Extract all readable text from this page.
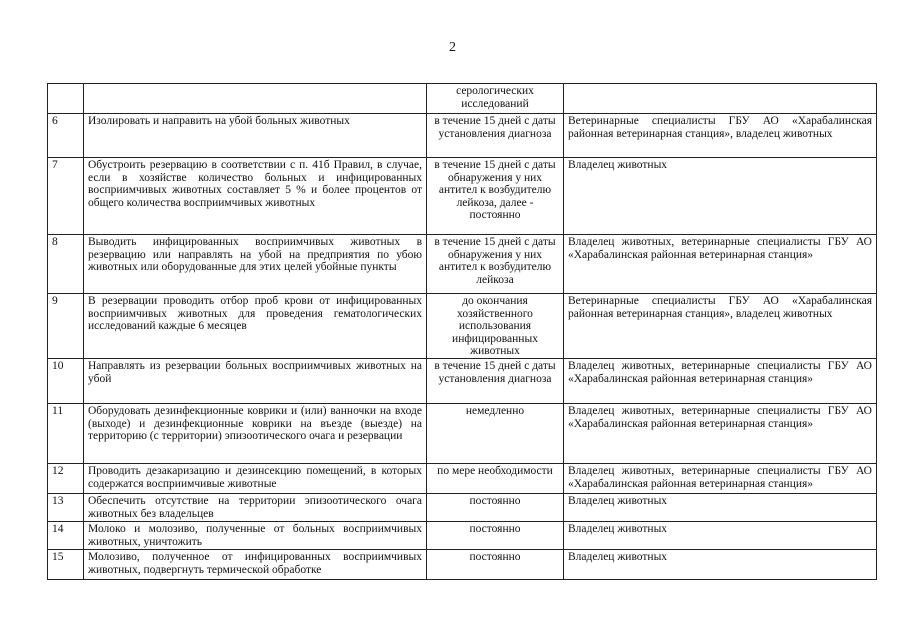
2
		серологических исследований	
6	Изолировать и направить на убой больных животных	в течение 15 дней с даты установления диагноза	Ветеринарные специалисты ГБУ АО «Харабалинская районная ветеринарная станция», владелец животных
7	Обустроить резервацию в соответствии с п. 41б Правил, в случае, если в хозяйстве количество больных и инфицированных восприимчивых животных составляет 5 % и более процентов от общего количества восприимчивых животных	в течение 15 дней с даты обнаружения у них антител к возбудителю лейкоза, далее - постоянно	Владелец животных
8	Выводить инфицированных восприимчивых животных в резервацию или направлять на убой на предприятия по убою животных или оборудованные для этих целей убойные пункты	в течение 15 дней с даты обнаружения у них антител к возбудителю лейкоза	Владелец животных, ветеринарные специалисты ГБУ АО «Харабалинская районная ветеринарная станция»
9	В резервации проводить отбор проб крови от инфицированных восприимчивых животных для проведения гематологических исследований каждые 6 месяцев	до окончания хозяйственного использования инфицированных животных	Ветеринарные специалисты ГБУ АО «Харабалинская районная ветеринарная станция», владелец животных
10	Направлять из резервации больных восприимчивых животных на убой	в течение 15 дней с даты установления диагноза	Владелец животных, ветеринарные специалисты ГБУ АО «Харабалинская районная ветеринарная станция»
11	Оборудовать дезинфекционные коврики и (или) ванночки на входе (выходе) и дезинфекционные коврики на въезде (выезде) на территорию (с территории) эпизоотического очага и резервации	немедленно	Владелец животных, ветеринарные специалисты ГБУ АО «Харабалинская районная ветеринарная станция»
12	Проводить дезакаризацию и дезинсекцию помещений, в которых содержатся восприимчивые животные	по мере необходимости	Владелец животных, ветеринарные специалисты ГБУ АО «Харабалинская районная ветеринарная станция»
13	Обеспечить отсутствие на территории эпизоотического очага животных без владельцев	постоянно	Владелец животных
14	Молоко и молозиво, полученные от больных восприимчивых животных, уничтожить	постоянно	Владелец животных
15	Молозиво, полученное от инфицированных восприимчивых животных, подвергнуть термической обработке	постоянно	Владелец животных
